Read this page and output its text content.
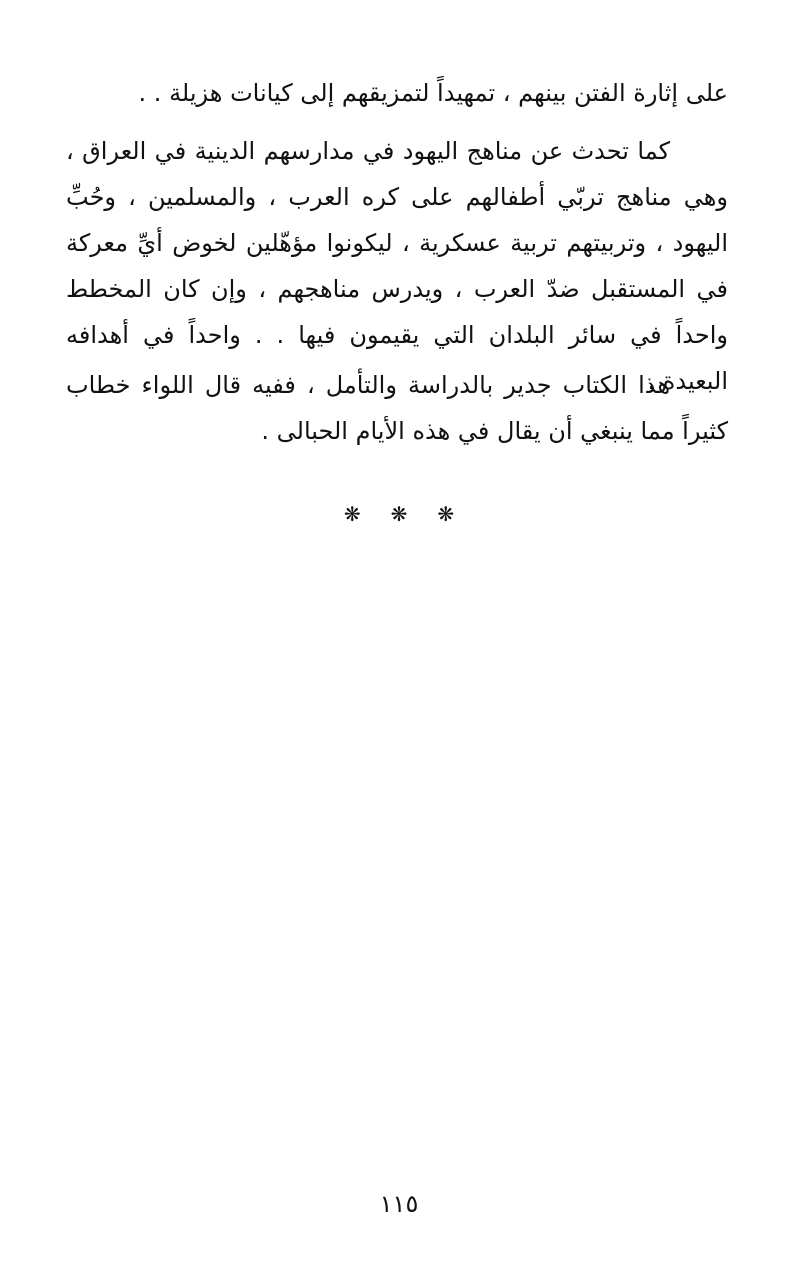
على إثارة الفتن بينهم ، تمهيداً لتمزيقهم إلى كيانات هزيلة . .

كما تحدث عن مناهج اليهود في مدارسهم الدينية في العراق ، وهي مناهج تربّي أطفالهم على كره العرب ، والمسلمين ، وحُبِّ اليهود ، وتربيتهم تربية عسكرية ، ليكونوا مؤهّلين لخوض أيِّ معركة في المستقبل ضدّ العرب ، ويدرس مناهجهم ، وإن كان المخطط واحداً في سائر البلدان التي يقيمون فيها . . واحداً في أهدافه البعيدة .

هذا الكتاب جدير بالدراسة والتأمل ، ففيه قال اللواء خطاب كثيراً مما ينبغي أن يقال في هذه الأيام الحبالى .

❋❋❋
١١٥
